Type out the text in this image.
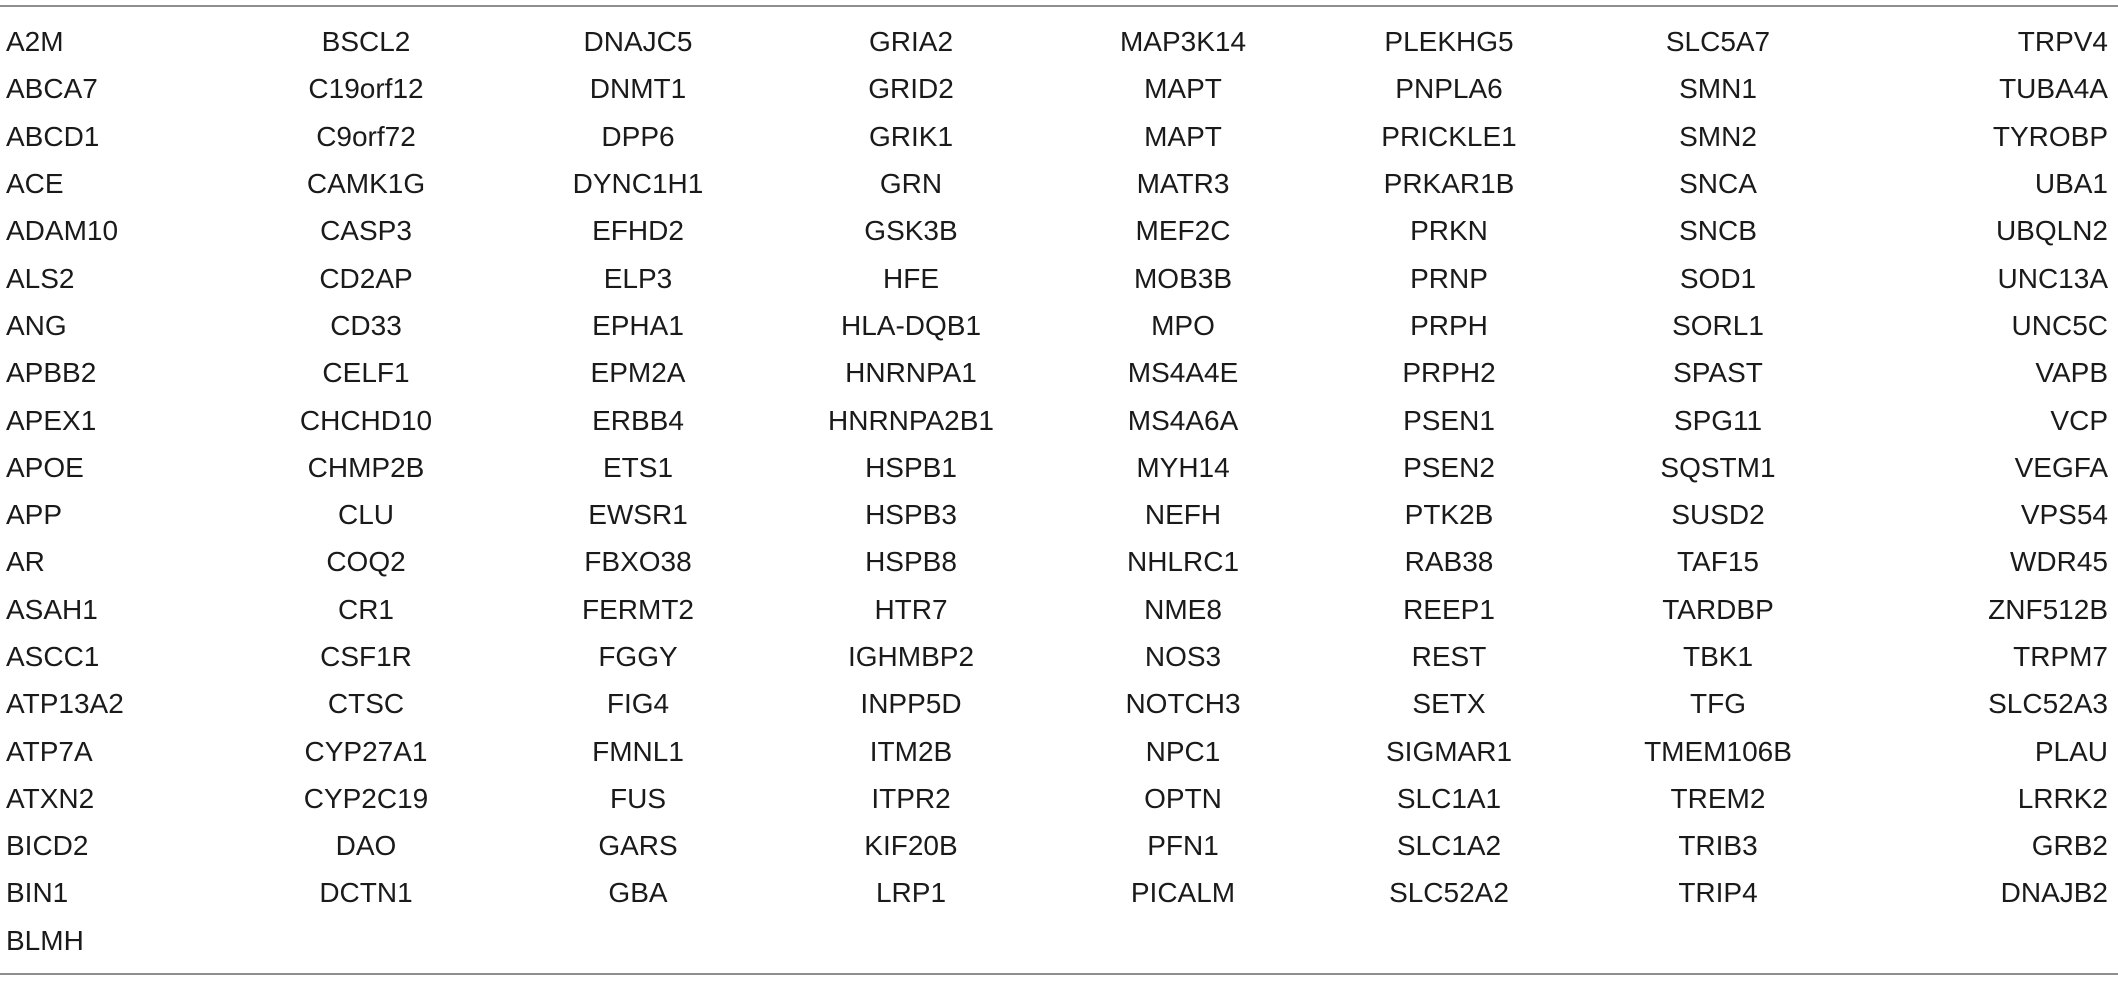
A2M	BSCL2	DNAJC5	GRIA2	MAP3K14	PLEKHG5	SLC5A7	TRPV4
ABCA7	C19orf12	DNMT1	GRID2	MAPT	PNPLA6	SMN1	TUBA4A
ABCD1	C9orf72	DPP6	GRIK1	MAPT	PRICKLE1	SMN2	TYROBP
ACE	CAMK1G	DYNC1H1	GRN	MATR3	PRKAR1B	SNCA	UBA1
ADAM10	CASP3	EFHD2	GSK3B	MEF2C	PRKN	SNCB	UBQLN2
ALS2	CD2AP	ELP3	HFE	MOB3B	PRNP	SOD1	UNC13A
ANG	CD33	EPHA1	HLA-DQB1	MPO	PRPH	SORL1	UNC5C
APBB2	CELF1	EPM2A	HNRNPA1	MS4A4E	PRPH2	SPAST	VAPB
APEX1	CHCHD10	ERBB4	HNRNPA2B1	MS4A6A	PSEN1	SPG11	VCP
APOE	CHMP2B	ETS1	HSPB1	MYH14	PSEN2	SQSTM1	VEGFA
APP	CLU	EWSR1	HSPB3	NEFH	PTK2B	SUSD2	VPS54
AR	COQ2	FBXO38	HSPB8	NHLRC1	RAB38	TAF15	WDR45
ASAH1	CR1	FERMT2	HTR7	NME8	REEP1	TARDBP	ZNF512B
ASCC1	CSF1R	FGGY	IGHMBP2	NOS3	REST	TBK1	TRPM7
ATP13A2	CTSC	FIG4	INPP5D	NOTCH3	SETX	TFG	SLC52A3
ATP7A	CYP27A1	FMNL1	ITM2B	NPC1	SIGMAR1	TMEM106B	PLAU
ATXN2	CYP2C19	FUS	ITPR2	OPTN	SLC1A1	TREM2	LRRK2
BICD2	DAO	GARS	KIF20B	PFN1	SLC1A2	TRIB3	GRB2
BIN1	DCTN1	GBA	LRP1	PICALM	SLC52A2	TRIP4	DNAJB2
BLMH							
